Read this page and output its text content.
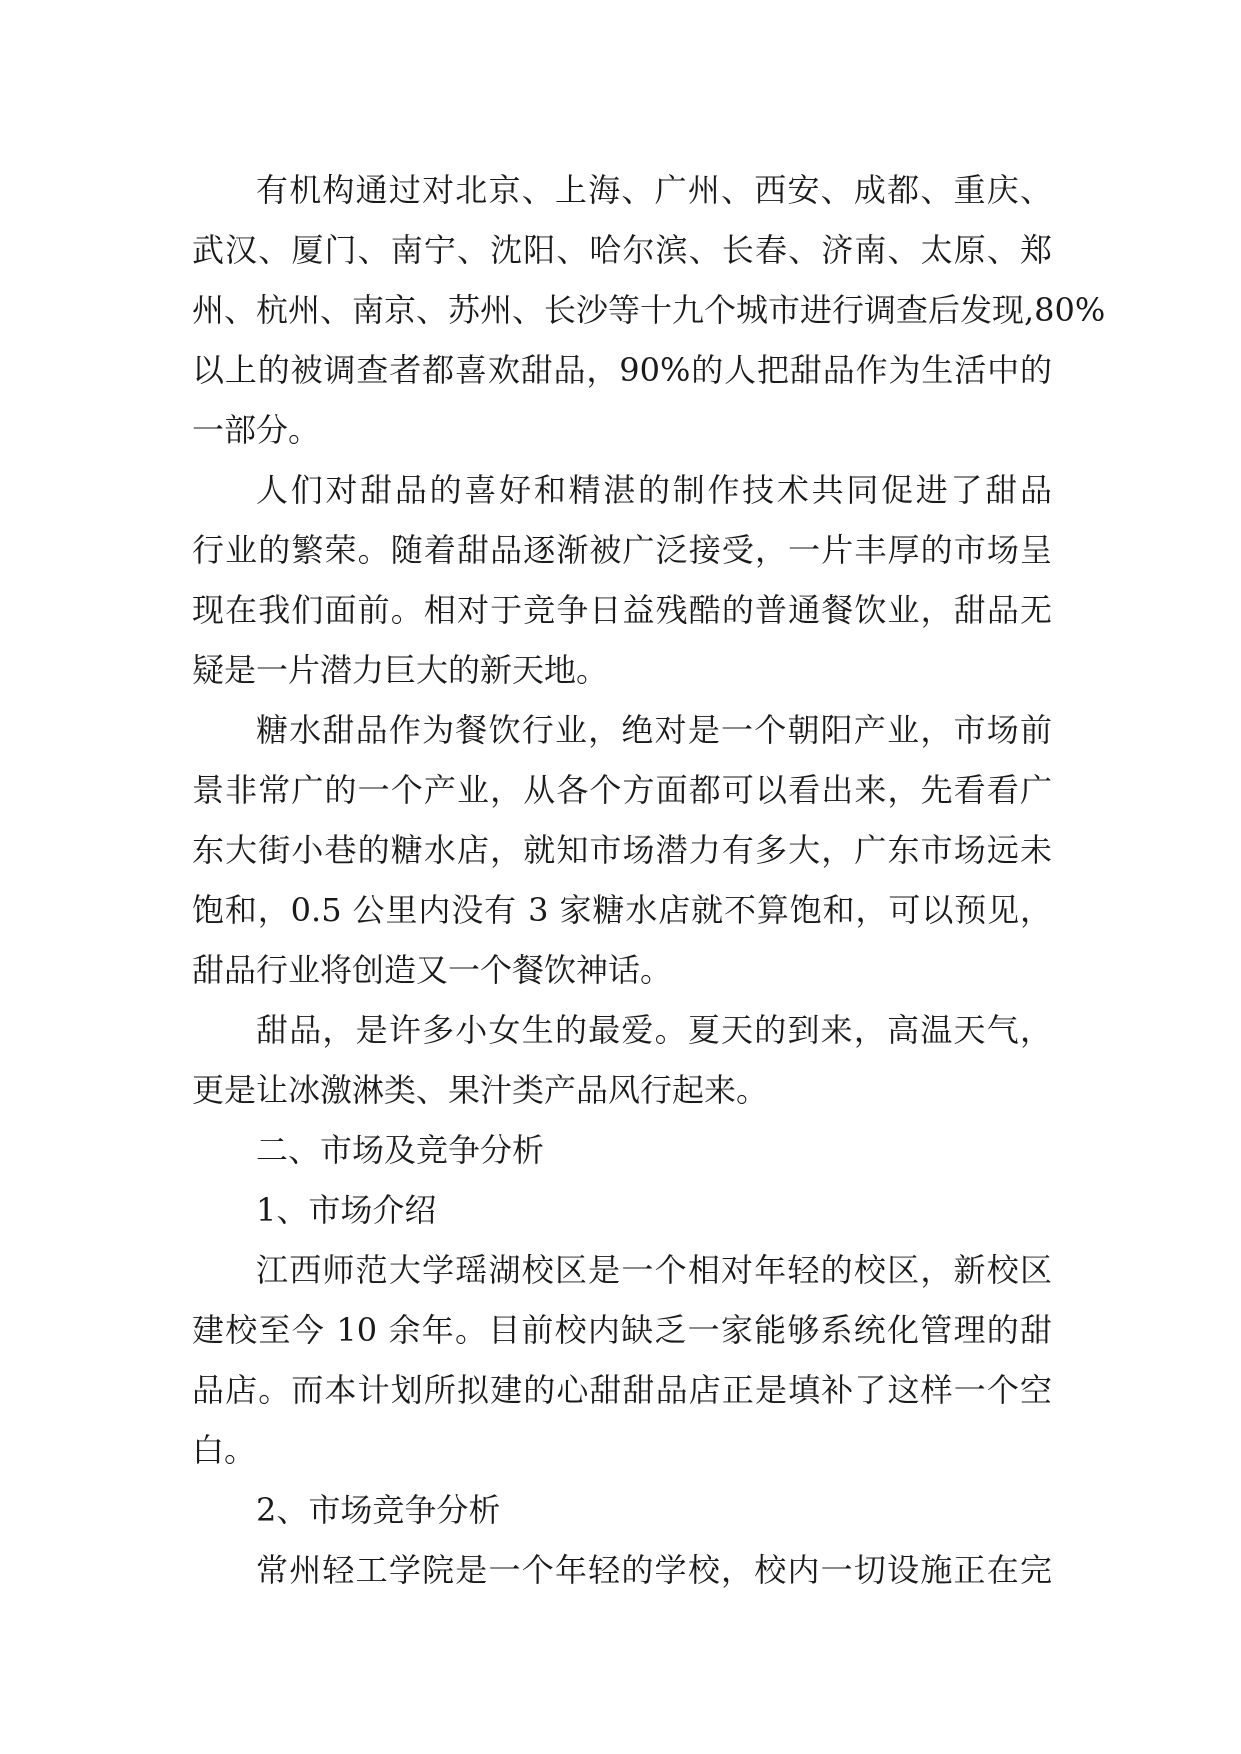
有机构通过对北京、上海、广州、西安、成都、重庆、
武汉、厦门、南宁、沈阳、哈尔滨、长春、济南、太原、郑
州、杭州、南京、苏州、长沙等十九个城市进行调查后发现,80%
以上的被调查者都喜欢甜品，90%的人把甜品作为生活中的
一部分。
人们对甜品的喜好和精湛的制作技术共同促进了甜品
行业的繁荣。随着甜品逐渐被广泛接受，一片丰厚的市场呈
现在我们面前。相对于竞争日益残酷的普通餐饮业，甜品无
疑是一片潜力巨大的新天地。
糖水甜品作为餐饮行业，绝对是一个朝阳产业，市场前
景非常广的一个产业，从各个方面都可以看出来，先看看广
东大街小巷的糖水店，就知市场潜力有多大，广东市场远未
饱和，0.5 公里内没有 3 家糖水店就不算饱和，可以预见，
甜品行业将创造又一个餐饮神话。
甜品，是许多小女生的最爱。夏天的到来，高温天气，
更是让冰激淋类、果汁类产品风行起来。
二、市场及竞争分析
1、市场介绍
江西师范大学瑶湖校区是一个相对年轻的校区，新校区
建校至今 10 余年。目前校内缺乏一家能够系统化管理的甜
品店。而本计划所拟建的心甜甜品店正是填补了这样一个空
白。
2、市场竞争分析
常州轻工学院是一个年轻的学校，校内一切设施正在完
